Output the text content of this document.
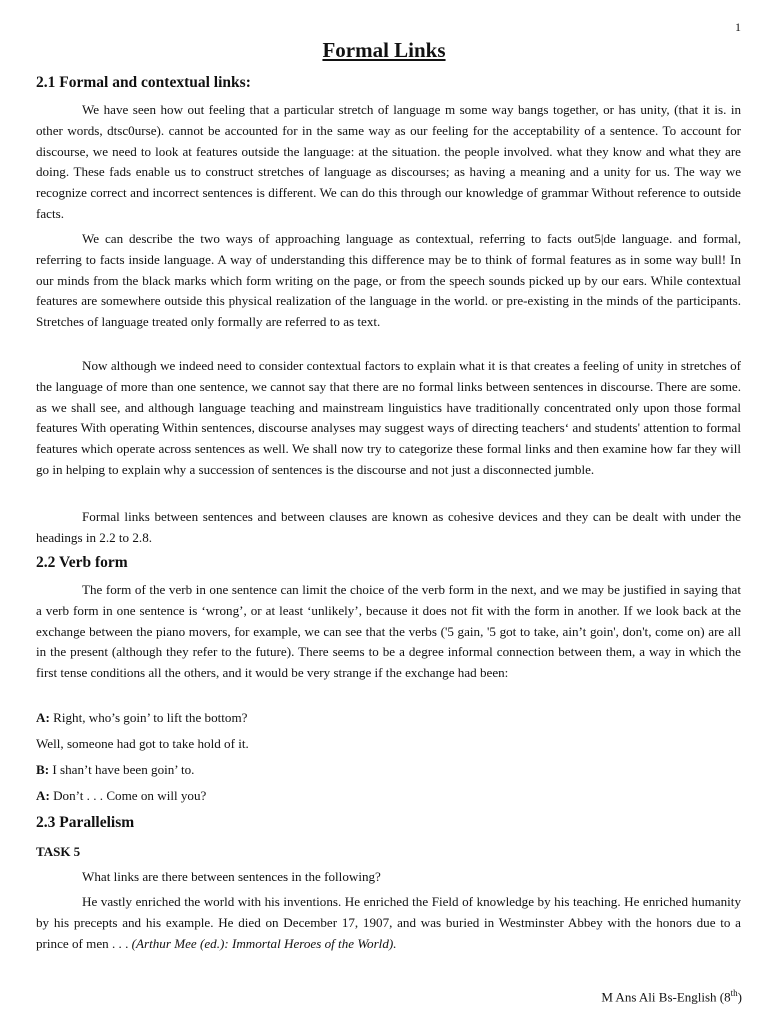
1
Formal Links
2.1 Formal and contextual links:

We have seen how out feeling that a particular stretch of language m some way bangs together, or has unity, (that it is. in other words, dtsc0urse). cannot be accounted for in the same way as our feeling for the acceptability of a sentence. To account for discourse, we need to look at features outside the language: at the situation. the people involved. what they know and what they are doing. These fads enable us to construct stretches of language as discourses; as having a meaning and a unity for us. The way we recognize correct and incorrect sentences is different. We can do this through our knowledge of grammar Without reference to outside facts.

We can describe the two ways of approaching language as contextual, referring to facts out5|de language. and formal, referring to facts inside language. A way of understanding this difference may be to think of formal features as in some way bull! In our minds from the black marks which form writing on the page, or from the speech sounds picked up by our ears. While contextual features are somewhere outside this physical realization of the language in the world. or pre-existing in the minds of the participants. Stretches of language treated only formally are referred to as text.

Now although we indeed need to consider contextual factors to explain what it is that creates a feeling of unity in stretches of the language of more than one sentence, we cannot say that there are no formal links between sentences in discourse. There are some. as we shall see, and although language teaching and mainstream linguistics have traditionally concentrated only upon those formal features With operating Within sentences, discourse analyses may suggest ways of directing teachers‘ and students' attention to formal features which operate across sentences as well. We shall now try to categorize these formal links and then examine how far they will go in helping to explain why a succession of sentences is the discourse and not just a disconnected jumble.

Formal links between sentences and between clauses are known as cohesive devices and they can be dealt with under the headings in 2.2 to 2.8.

2.2 Verb form

The form of the verb in one sentence can limit the choice of the verb form in the next, and we may be justified in saying that a verb form in one sentence is ‘wrong’, or at least ‘unlikely’, because it does not fit with the form in another. If we look back at the exchange between the piano movers, for example, we can see that the verbs ('5 gain, '5 got to take, ain’t goin', don't, come on) are all in the present (although they refer to the future). There seems to be a degree informal connection between them, a way in which the first tense conditions all the others, and it would be very strange if the exchange had been:

A: Right, who’s goin’ to lift the bottom?
Well, someone had got to take hold of it.
B: I shan’t have been goin’ to.
A: Don’t . . . Come on will you?
2.3 Parallelism
TASK 5

What links are there between sentences in the following?

He vastly enriched the world with his inventions. He enriched the Field of knowledge by his teaching. He enriched humanity by his precepts and his example. He died on December 17, 1907, and was buried in Westminster Abbey with the honors due to a prince of men . . . (Arthur Mee (ed.): Immortal Heroes of the World).

M Ans Ali Bs-English (8th)
